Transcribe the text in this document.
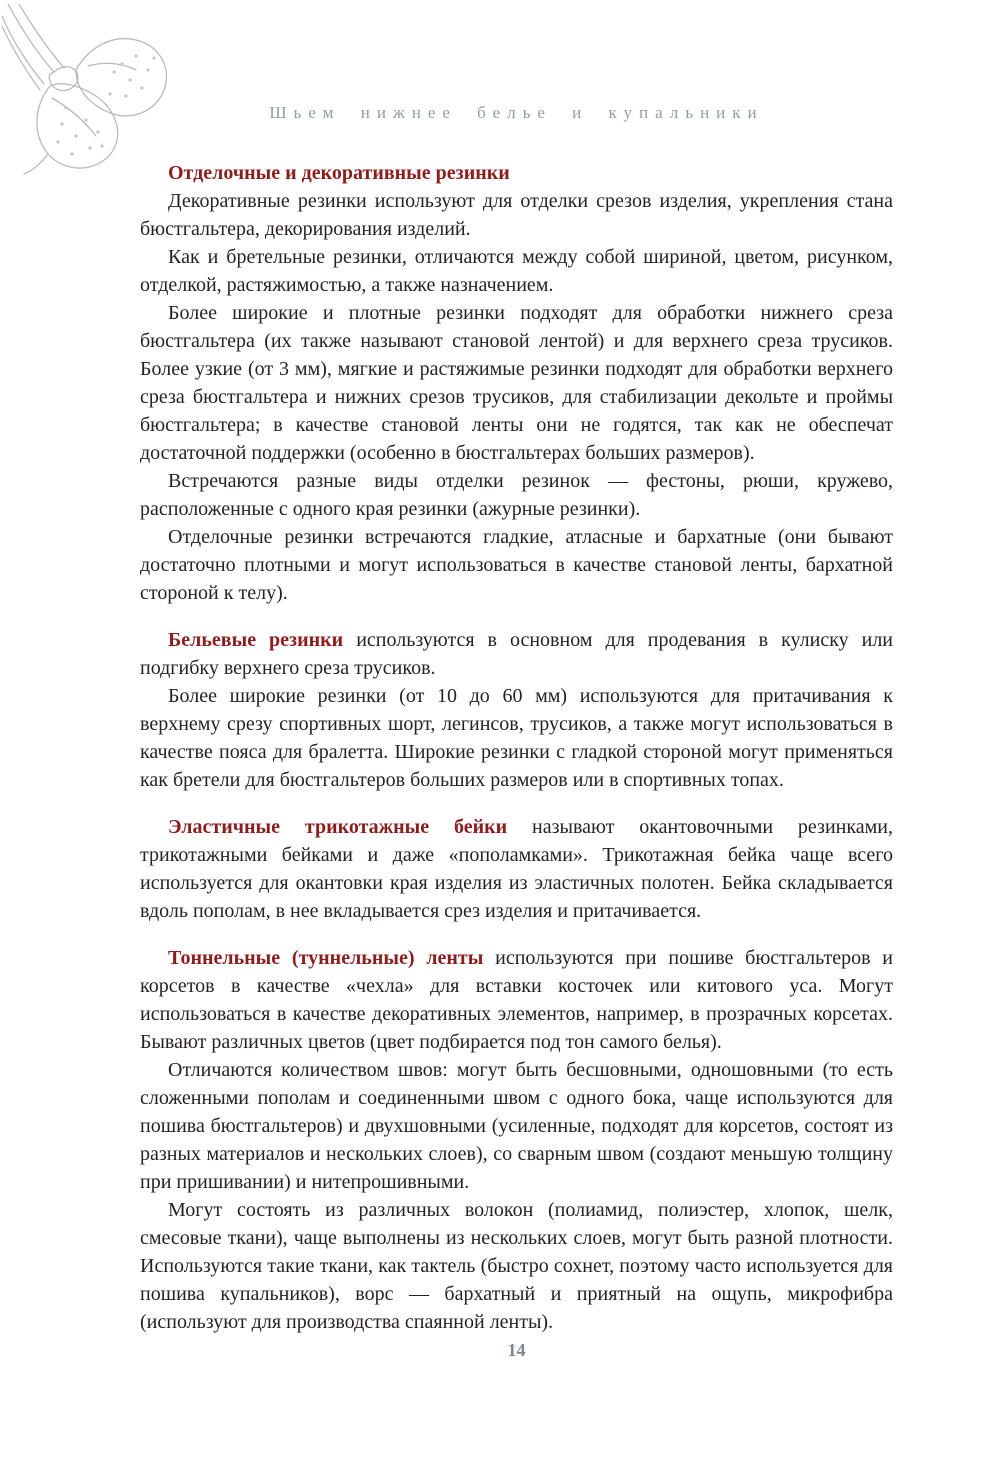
Шьем нижнее белье и купальники

Отделочные и декоративные резинки

Декоративные резинки используют для отделки срезов изделия, укрепления стана бюстгальтера, декорирования изделий.

Как и бретельные резинки, отличаются между собой шириной, цветом, рисунком, отделкой, растяжимостью, а также назначением.

Более широкие и плотные резинки подходят для обработки нижнего среза бюстгальтера (их также называют становой лентой) и для верхнего среза трусиков. Более узкие (от 3 мм), мягкие и растяжимые резинки подходят для обработки верхнего среза бюстгальтера и нижних срезов трусиков, для стабилизации декольте и проймы бюстгальтера; в качестве становой ленты они не годятся, так как не обеспечат достаточной поддержки (особенно в бюстгальтерах больших размеров).

Встречаются разные виды отделки резинок — фестоны, рюши, кружево, расположенные с одного края резинки (ажурные резинки).

Отделочные резинки встречаются гладкие, атласные и бархатные (они бывают достаточно плотными и могут использоваться в качестве становой ленты, бархатной стороной к телу).

Бельевые резинки используются в основном для продевания в кулиску или подгибку верхнего среза трусиков.

Более широкие резинки (от 10 до 60 мм) используются для притачивания к верхнему срезу спортивных шорт, легинсов, трусиков, а также могут использоваться в качестве пояса для бралетта. Широкие резинки с гладкой стороной могут применяться как бретели для бюстгальтеров больших размеров или в спортивных топах.

Эластичные трикотажные бейки называют окантовочными резинками, трикотажными бейками и даже «пополамками». Трикотажная бейка чаще всего используется для окантовки края изделия из эластичных полотен. Бейка складывается вдоль пополам, в нее вкладывается срез изделия и притачивается.

Тоннельные (туннельные) ленты используются при пошиве бюстгальтеров и корсетов в качестве «чехла» для вставки косточек или китового уса. Могут использоваться в качестве декоративных элементов, например, в прозрачных корсетах. Бывают различных цветов (цвет подбирается под тон самого белья).

Отличаются количеством швов: могут быть бесшовными, одношовными (то есть сложенными пополам и соединенными швом с одного бока, чаще используются для пошива бюстгальтеров) и двухшовными (усиленные, подходят для корсетов, состоят из разных материалов и нескольких слоев), со сварным швом (создают меньшую толщину при пришивании) и нитепрошивными.

Могут состоять из различных волокон (полиамид, полиэстер, хлопок, шелк, смесовые ткани), чаще выполнены из нескольких слоев, могут быть разной плотности. Используются такие ткани, как тактель (быстро сохнет, поэтому часто используется для пошива купальников), ворс — бархатный и приятный на ощупь, микрофибра (используют для производства спаянной ленты).

14
